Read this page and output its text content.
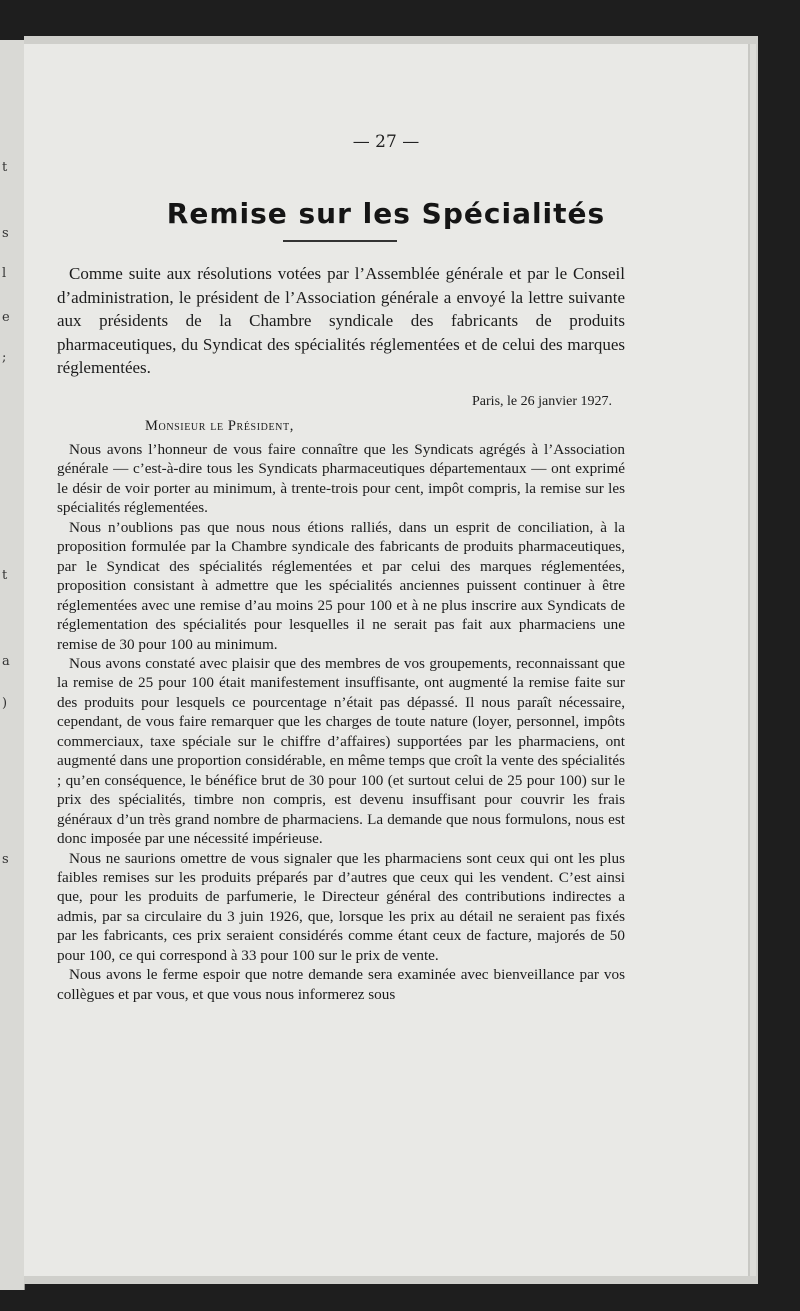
t
s
l
e
;
t
a
)
s
— 27 —
Remise sur les Spécialités
Comme suite aux résolutions votées par l’Assemblée générale et par le Conseil d’administration, le président de l’Association générale a envoyé la lettre suivante aux présidents de la Chambre syndicale des fabricants de produits pharmaceutiques, du Syndicat des spécialités réglementées et de celui des marques réglementées.
Paris, le 26 janvier 1927.
Monsieur le Président,

Nous avons l’honneur de vous faire connaître que les Syndicats agrégés à l’Association générale — c’est-à-dire tous les Syndicats pharmaceutiques départementaux — ont exprimé le désir de voir porter au minimum, à trente-trois pour cent, impôt compris, la remise sur les spécialités réglementées.

Nous n’oublions pas que nous nous étions ralliés, dans un esprit de conciliation, à la proposition formulée par la Chambre syndicale des fabricants de produits pharmaceutiques, par le Syndicat des spécialités réglementées et par celui des marques réglementées, proposition consistant à admettre que les spécialités anciennes puissent continuer à être réglementées avec une remise d’au moins 25 pour 100 et à ne plus inscrire aux Syndicats de réglementation des spécialités pour lesquelles il ne serait pas fait aux pharmaciens une remise de 30 pour 100 au minimum.

Nous avons constaté avec plaisir que des membres de vos groupements, reconnaissant que la remise de 25 pour 100 était manifestement insuffisante, ont augmenté la remise faite sur des produits pour lesquels ce pourcentage n’était pas dépassé. Il nous paraît nécessaire, cependant, de vous faire remarquer que les charges de toute nature (loyer, personnel, impôts commerciaux, taxe spéciale sur le chiffre d’affaires) supportées par les pharmaciens, ont augmenté dans une proportion considérable, en même temps que croît la vente des spécialités ; qu’en conséquence, le bénéfice brut de 30 pour 100 (et surtout celui de 25 pour 100) sur le prix des spécialités, timbre non compris, est devenu insuffisant pour couvrir les frais généraux d’un très grand nombre de pharmaciens. La demande que nous formulons, nous est donc imposée par une nécessité impérieuse.

Nous ne saurions omettre de vous signaler que les pharmaciens sont ceux qui ont les plus faibles remises sur les produits préparés par d’autres que ceux qui les vendent. C’est ainsi que, pour les produits de parfumerie, le Directeur général des contributions indirectes a admis, par sa circulaire du 3 juin 1926, que, lorsque les prix au détail ne seraient pas fixés par les fabricants, ces prix seraient considérés comme étant ceux de facture, majorés de 50 pour 100, ce qui correspond à 33 pour 100 sur le prix de vente.

Nous avons le ferme espoir que notre demande sera examinée avec bienveillance par vos collègues et par vous, et que vous nous informerez sous
